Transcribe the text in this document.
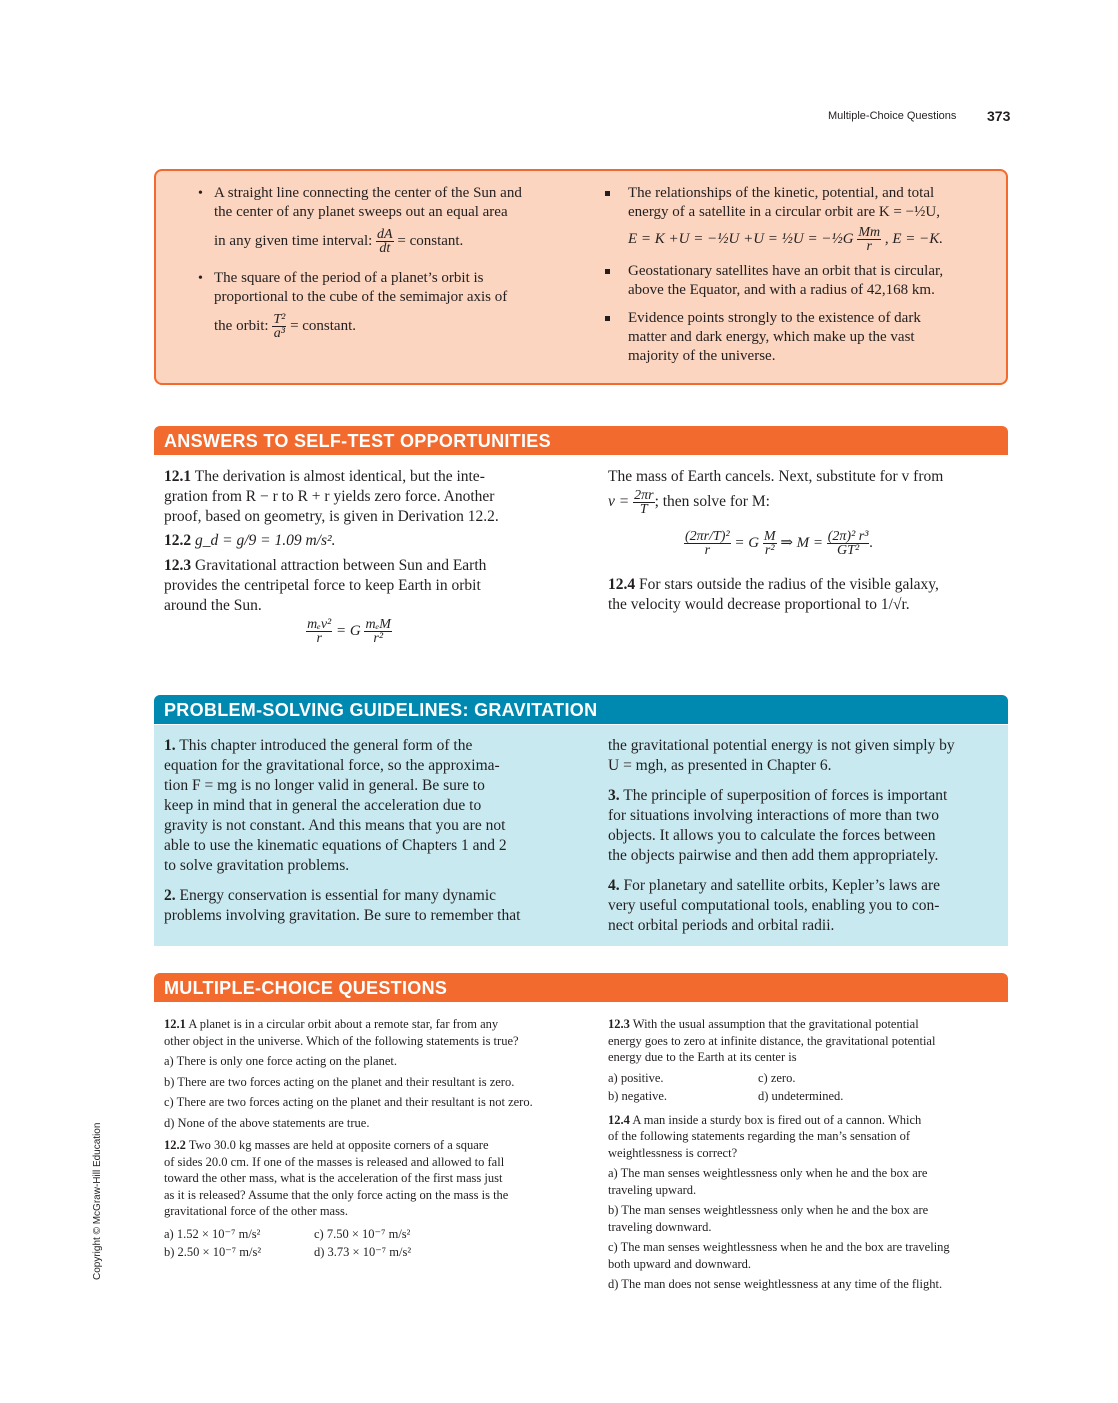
Multiple-Choice Questions 373
• A straight line connecting the center of the Sun and
the center of any planet sweeps out an equal area
in any given time interval: $\frac{dA}{dt}$ = constant.
• The square of the period of a planet’s orbit is
proportional to the cube of the semimajor axis of
the orbit: $\frac{\text{T²}}{\text{a³}}$ = constant.
The relationships of the kinetic, potential, and total
energy of a satellite in a circular orbit are K = −½U,
E = K +U = −½U +U = ½U = −½G $\frac{Mm}{r}$ , E = −K.
Geostationary satellites have an orbit that is circular,
above the Equator, and with a radius of 42,168 km.
Evidence points strongly to the existence of dark
matter and dark energy, which make up the vast
majority of the universe.
ANSWERS TO SELF-TEST OPPORTUNITIES
12.1 The derivation is almost identical, but the inte-
gration from R − r to R + r yields zero force. Another
proof, based on geometry, is given in Derivation 12.2.
12.2 g_d = g/9 = 1.09 m/s².
12.3 Gravitational attraction between Sun and Earth
provides the centripetal force to keep Earth in orbit
around the Sun.
$\frac{\text{mₑv²}}{r} = G \frac{\text{mₑM}}{\text{r²}}$
The mass of Earth cancels. Next, substitute for v from
$v = \frac{2\pi r}{T}$ ; then solve for M:
$\frac{\text{(2πr/T)²}}{r} = G \frac{M}{\text{r²}}$ ⇒ $M = \frac{\text{(2π)² r³}}{\text{GT²}}$ .
12.4 For stars outside the radius of the visible galaxy,
the velocity would decrease proportional to 1/√r.
PROBLEM-SOLVING GUIDELINES: GRAVITATION
1. This chapter introduced the general form of the
equation for the gravitational force, so the approxima-
tion F = mg is no longer valid in general. Be sure to
keep in mind that in general the acceleration due to
gravity is not constant. And this means that you are not
able to use the kinematic equations of Chapters 1 and 2
to solve gravitation problems.
2. Energy conservation is essential for many dynamic
problems involving gravitation. Be sure to remember that
the gravitational potential energy is not given simply by
U = mgh, as presented in Chapter 6.
3. The principle of superposition of forces is important
for situations involving interactions of more than two
objects. It allows you to calculate the forces between
the objects pairwise and then add them appropriately.
4. For planetary and satellite orbits, Kepler’s laws are
very useful computational tools, enabling you to con-
nect orbital periods and orbital radii.
MULTIPLE-CHOICE QUESTIONS
12.1 A planet is in a circular orbit about a remote star, far from any
other object in the universe. Which of the following statements is true?
a) There is only one force acting on the planet.
b) There are two forces acting on the planet and their resultant is zero.
c) There are two forces acting on the planet and their resultant is not zero.
d) None of the above statements are true.
12.2 Two 30.0 kg masses are held at opposite corners of a square
of sides 20.0 cm. If one of the masses is released and allowed to fall
toward the other mass, what is the acceleration of the first mass just
as it is released? Assume that the only force acting on the mass is the
gravitational force of the other mass.
a) 1.52 × 10⁻⁷ m/s²	c) 7.50 × 10⁻⁷ m/s²
b) 2.50 × 10⁻⁷ m/s²	d) 3.73 × 10⁻⁷ m/s²
12.3 With the usual assumption that the gravitational potential
energy goes to zero at infinite distance, the gravitational potential
energy due to the Earth at its center is
a) positive.	c) zero.
b) negative.	d) undetermined.
12.4 A man inside a sturdy box is fired out of a cannon. Which
of the following statements regarding the man’s sensation of
weightlessness is correct?
a) The man senses weightlessness only when he and the box are
traveling upward.
b) The man senses weightlessness only when he and the box are
traveling downward.
c) The man senses weightlessness when he and the box are traveling
both upward and downward.
d) The man does not sense weightlessness at any time of the flight.
Copyright © McGraw-Hill Education
